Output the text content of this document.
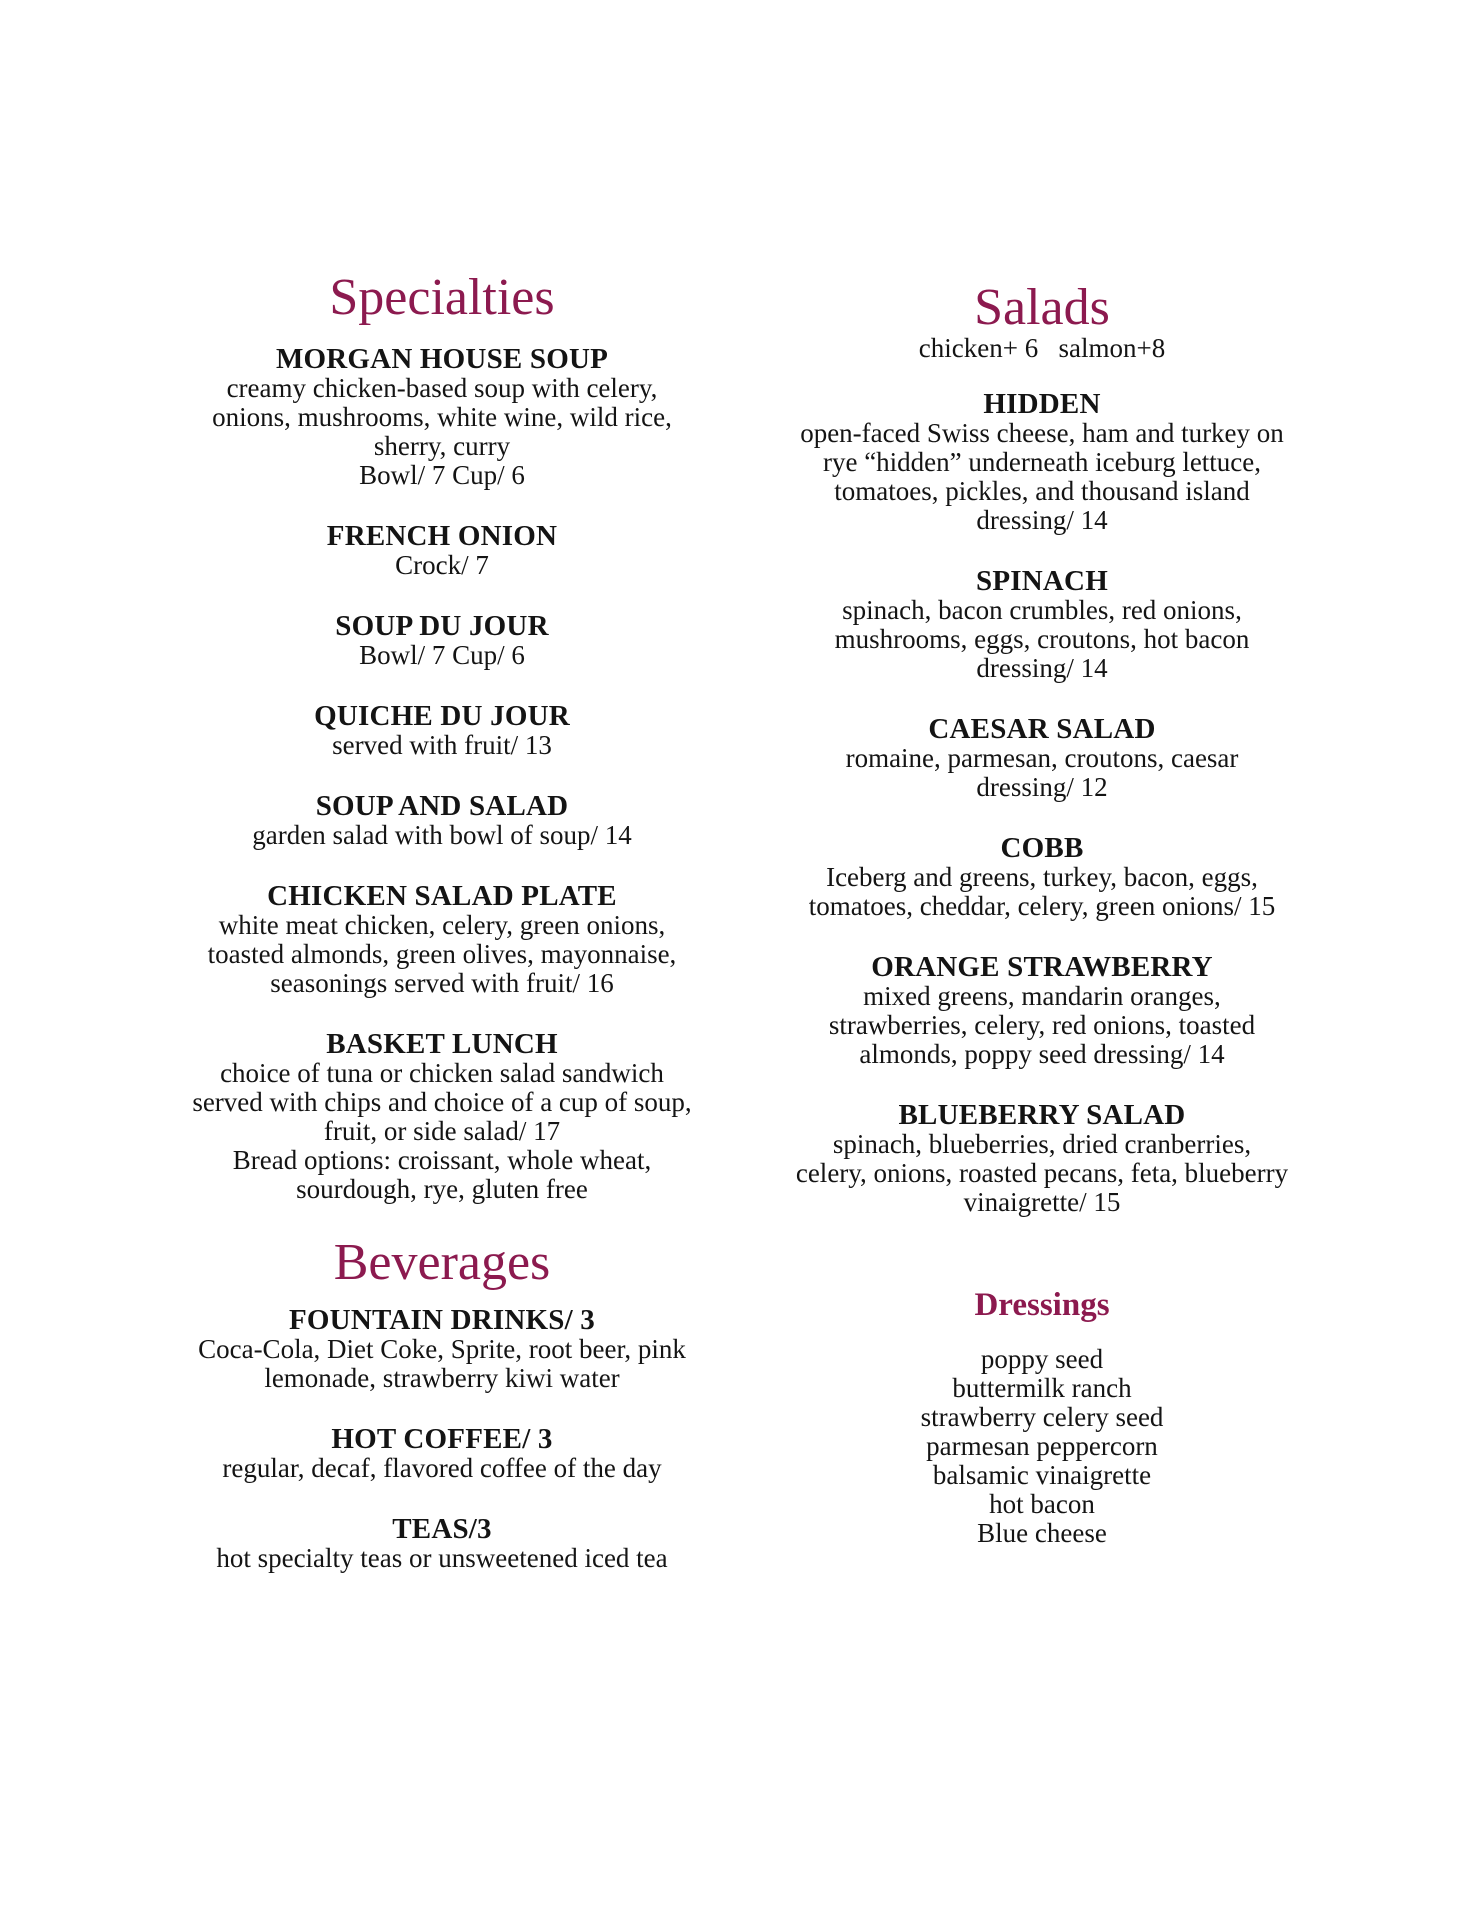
Specialties
MORGAN HOUSE SOUP
creamy chicken-based soup with celery,
onions, mushrooms, white wine, wild rice,
sherry, curry
Bowl/ 7 Cup/ 6
FRENCH ONION
Crock/ 7
SOUP DU JOUR
Bowl/ 7 Cup/ 6
QUICHE DU JOUR
served with fruit/ 13
SOUP AND SALAD
garden salad with bowl of soup/ 14
CHICKEN SALAD PLATE
white meat chicken, celery, green onions,
toasted almonds, green olives, mayonnaise,
seasonings served with fruit/ 16
BASKET LUNCH
choice of tuna or chicken salad sandwich
served with chips and choice of a cup of soup,
fruit, or side salad/ 17
Bread options: croissant, whole wheat,
sourdough, rye, gluten free
Beverages
FOUNTAIN DRINKS/ 3
Coca-Cola, Diet Coke, Sprite, root beer, pink
lemonade, strawberry kiwi water
HOT COFFEE/ 3
regular, decaf, flavored coffee of the day
TEAS/3
hot specialty teas or unsweetened iced tea
Salads

chicken+ 6   salmon+8

HIDDEN
open-faced Swiss cheese, ham and turkey on
rye “hidden” underneath iceburg lettuce,
tomatoes, pickles, and thousand island
dressing/ 14
SPINACH
spinach, bacon crumbles, red onions,
mushrooms, eggs, croutons, hot bacon
dressing/ 14
CAESAR SALAD
romaine, parmesan, croutons, caesar
dressing/ 12
COBB
Iceberg and greens, turkey, bacon, eggs,
tomatoes, cheddar, celery, green onions/ 15
ORANGE STRAWBERRY
mixed greens, mandarin oranges,
strawberries, celery, red onions, toasted
almonds, poppy seed dressing/ 14
BLUEBERRY SALAD
spinach, blueberries, dried cranberries,
celery, onions, roasted pecans, feta, blueberry
vinaigrette/ 15
Dressings
poppy seed
buttermilk ranch
strawberry celery seed
parmesan peppercorn
balsamic vinaigrette
hot bacon
Blue cheese
